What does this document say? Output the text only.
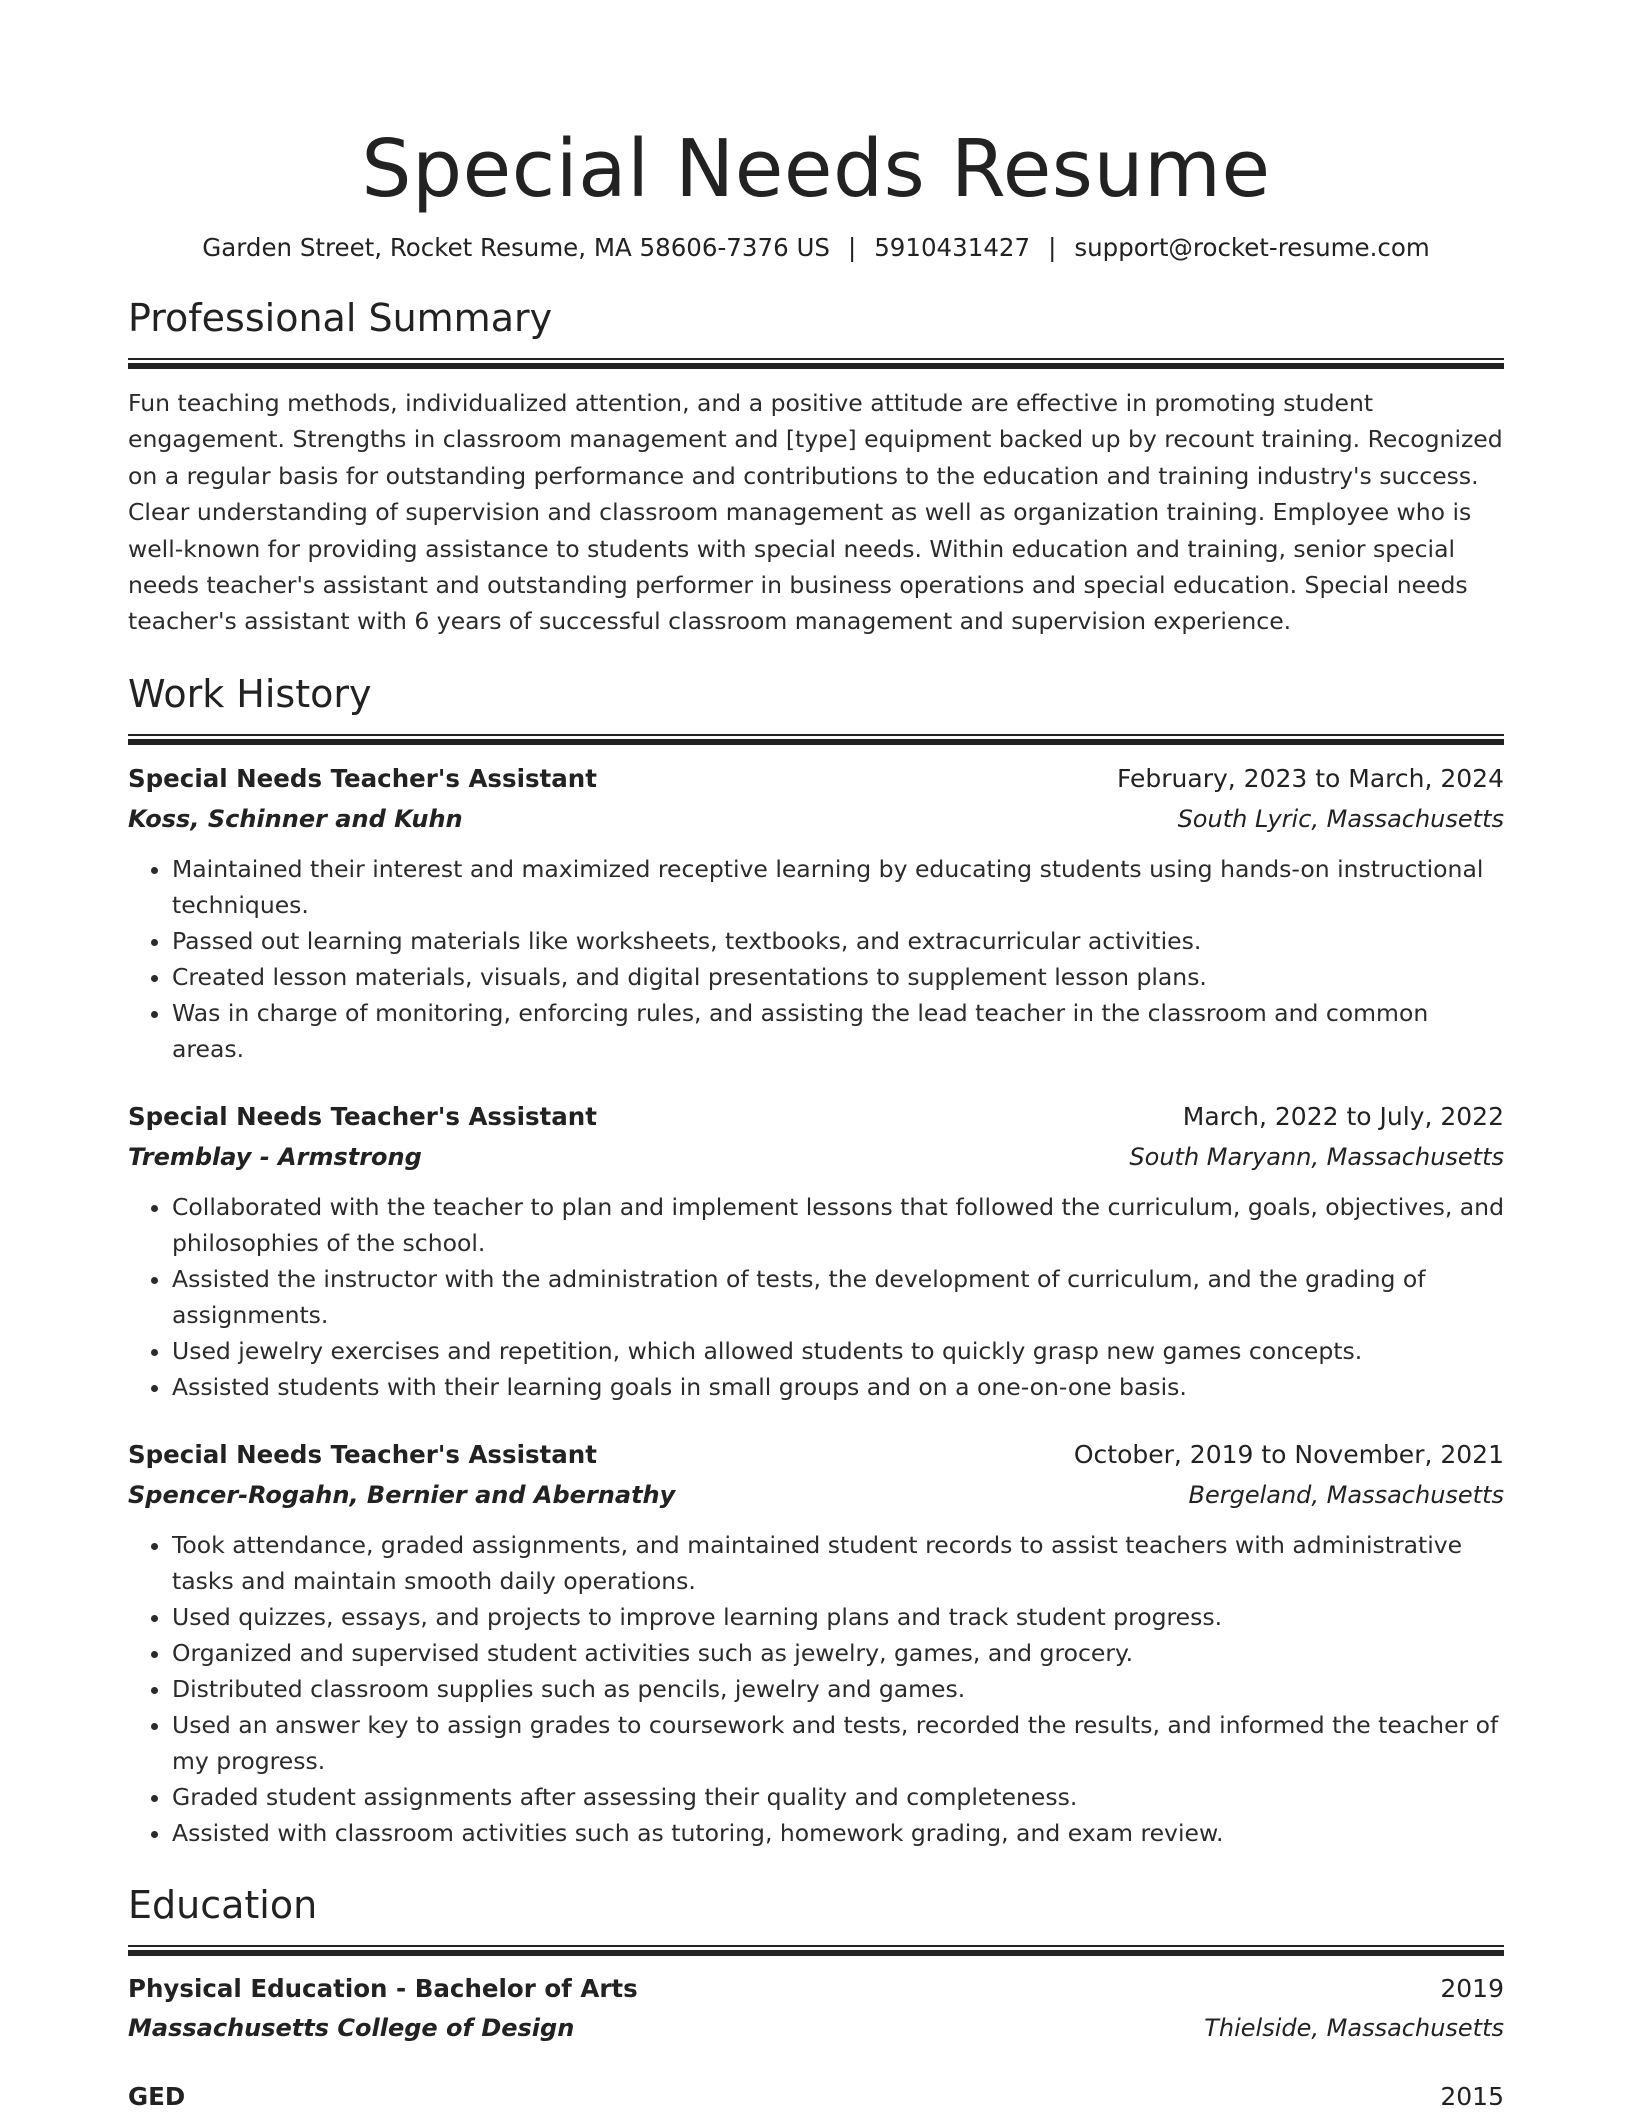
Special Needs Resume
Garden Street, Rocket Resume, MA 58606-7376 US | 5910431427 | support@rocket-resume.com
Professional Summary
Fun teaching methods, individualized attention, and a positive attitude are effective in promoting student engagement. Strengths in classroom management and [type] equipment backed up by recount training. Recognized on a regular basis for outstanding performance and contributions to the education and training industry's success. Clear understanding of supervision and classroom management as well as organization training. Employee who is well-known for providing assistance to students with special needs. Within education and training, senior special needs teacher's assistant and outstanding performer in business operations and special education. Special needs teacher's assistant with 6 years of successful classroom management and supervision experience.
Work History
Special Needs Teacher's Assistant	February, 2023 to March, 2024
Koss, Schinner and Kuhn	South Lyric, Massachusetts
• Maintained their interest and maximized receptive learning by educating students using hands-on instructional techniques.
• Passed out learning materials like worksheets, textbooks, and extracurricular activities.
• Created lesson materials, visuals, and digital presentations to supplement lesson plans.
• Was in charge of monitoring, enforcing rules, and assisting the lead teacher in the classroom and common areas.
Special Needs Teacher's Assistant	March, 2022 to July, 2022
Tremblay - Armstrong	South Maryann, Massachusetts
• Collaborated with the teacher to plan and implement lessons that followed the curriculum, goals, objectives, and philosophies of the school.
• Assisted the instructor with the administration of tests, the development of curriculum, and the grading of assignments.
• Used jewelry exercises and repetition, which allowed students to quickly grasp new games concepts.
• Assisted students with their learning goals in small groups and on a one-on-one basis.
Special Needs Teacher's Assistant	October, 2019 to November, 2021
Spencer-Rogahn, Bernier and Abernathy	Bergeland, Massachusetts
• Took attendance, graded assignments, and maintained student records to assist teachers with administrative tasks and maintain smooth daily operations.
• Used quizzes, essays, and projects to improve learning plans and track student progress.
• Organized and supervised student activities such as jewelry, games, and grocery.
• Distributed classroom supplies such as pencils, jewelry and games.
• Used an answer key to assign grades to coursework and tests, recorded the results, and informed the teacher of my progress.
• Graded student assignments after assessing their quality and completeness.
• Assisted with classroom activities such as tutoring, homework grading, and exam review.
Education
Physical Education - Bachelor of Arts	2019
Massachusetts College of Design	Thielside, Massachusetts
GED	2015
